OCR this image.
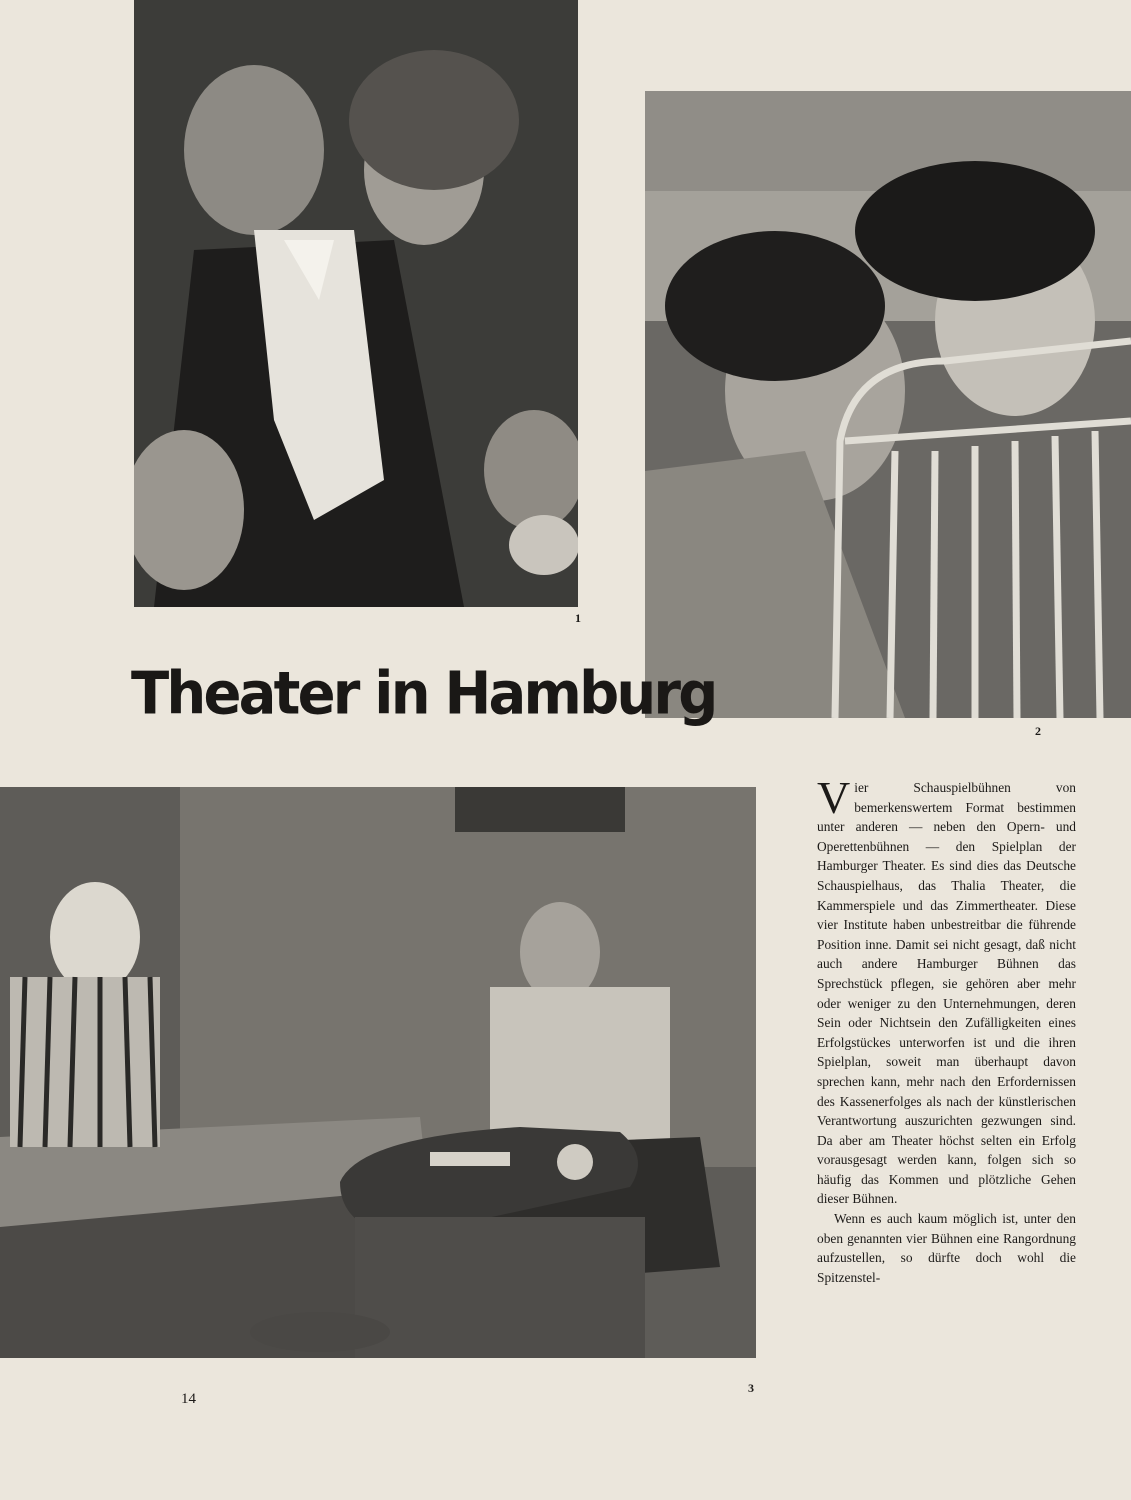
1
2
Theater in Hamburg
3

Vier Schauspielbühnen von bemerkenswertem Format bestimmen unter anderen — neben den Opern- und Operettenbühnen — den Spielplan der Hamburger Theater. Es sind dies das Deutsche Schauspielhaus, das Thalia Theater, die Kammerspiele und das Zimmertheater. Diese vier Institute haben unbestreitbar die führende Position inne. Damit sei nicht gesagt, daß nicht auch andere Hamburger Bühnen das Sprechstück pflegen, sie gehören aber mehr oder weniger zu den Unternehmungen, deren Sein oder Nichtsein den Zufälligkeiten eines Erfolgstückes unterworfen ist und die ihren Spielplan, soweit man überhaupt davon sprechen kann, mehr nach den Erfordernissen des Kassenerfolges als nach der künstlerischen Verantwortung auszurichten gezwungen sind. Da aber am Theater höchst selten ein Erfolg vorausgesagt werden kann, folgen sich so häufig das Kommen und plötzliche Gehen dieser Bühnen.

Wenn es auch kaum möglich ist, unter den oben genannten vier Bühnen eine Rangordnung aufzustellen, so dürfte doch wohl die Spitzenstel-

14
